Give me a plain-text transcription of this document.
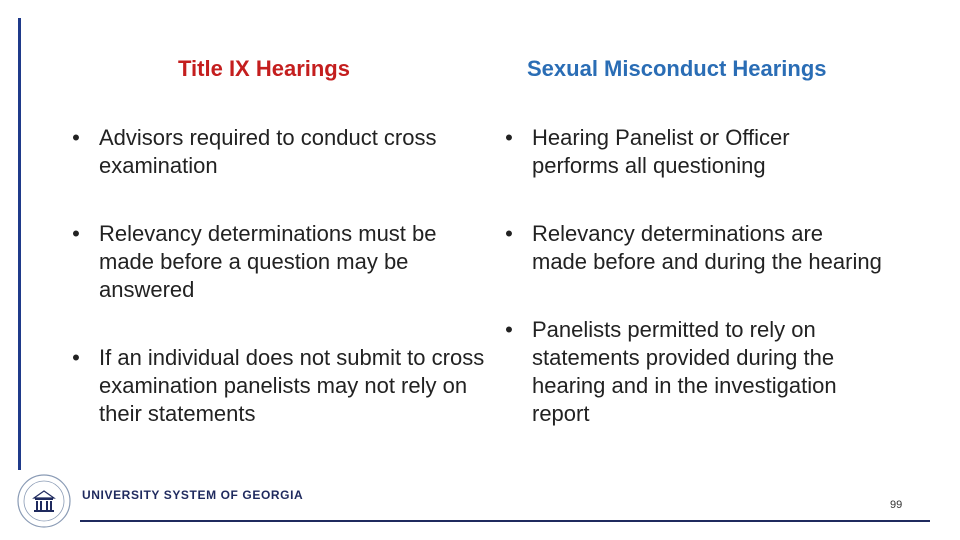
Title IX Hearings	Sexual Misconduct Hearings
• Advisors required to conduct cross examination
• Relevancy determinations must be made before a question may be answered
• If an individual does not submit to cross examination panelists may not rely on their statements
• Hearing Panelist or Officer performs all questioning
• Relevancy determinations are made before and during the hearing
• Panelists permitted to rely on statements provided during the hearing and in the investigation report
UNIVERSITY SYSTEM OF GEORGIA
99
